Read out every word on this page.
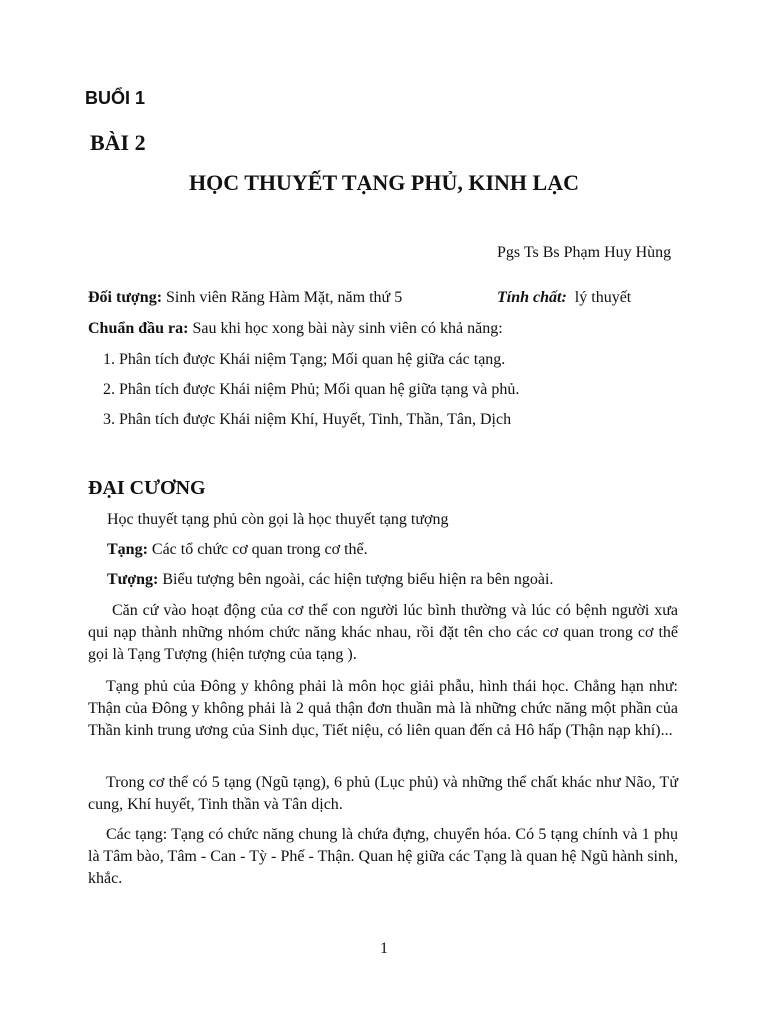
BUỔI 1
BÀI 2
HỌC THUYẾT TẠNG PHỦ, KINH LẠC
Pgs Ts Bs Phạm Huy Hùng
Đối tượng: Sinh viên Răng Hàm Mặt, năm thứ 5	Tính chất:  lý thuyết
Chuẩn đầu ra: Sau khi học xong bài này sinh viên có khả năng:
1. Phân tích được Khái niệm Tạng; Mối quan hệ giữa các tạng.
2. Phân tích được Khái niệm Phủ; Mối quan hệ giữa tạng và phủ.
3. Phân tích được Khái niệm Khí, Huyết, Tinh, Thần, Tân, Dịch
ĐẠI CƯƠNG
Học thuyết tạng phủ còn gọi là học thuyết tạng tượng
Tạng: Các tổ chức cơ quan trong cơ thể.
Tượng: Biểu tượng bên ngoài, các hiện tượng biểu hiện ra bên ngoài.
Căn cứ vào hoạt động của cơ thể con người lúc bình thường và lúc có bệnh người xưa qui nạp thành những nhóm chức năng khác nhau, rồi đặt tên cho các cơ quan trong cơ thể gọi là Tạng Tượng (hiện tượng của tạng ).
Tạng phủ của Đông y không phải là môn học giải phẫu, hình thái học. Chẳng hạn như: Thận của Đông y không phải là 2 quả thận đơn thuần mà là những chức năng một phần của Thần kinh trung ương của Sinh dục, Tiết niệu, có liên quan đến cả Hô hấp (Thận nạp khí)...
Trong cơ thể có 5 tạng (Ngũ tạng), 6 phủ (Lục phủ) và những thể chất khác như Não, Tử cung, Khí huyết, Tinh thần và Tân dịch.
Các tạng: Tạng có chức năng chung là chứa đựng, chuyển hóa. Có 5 tạng chính và 1 phụ là Tâm bào, Tâm - Can - Tỳ - Phế - Thận. Quan hệ giữa các Tạng là quan hệ Ngũ hành sinh, khắc.
1
